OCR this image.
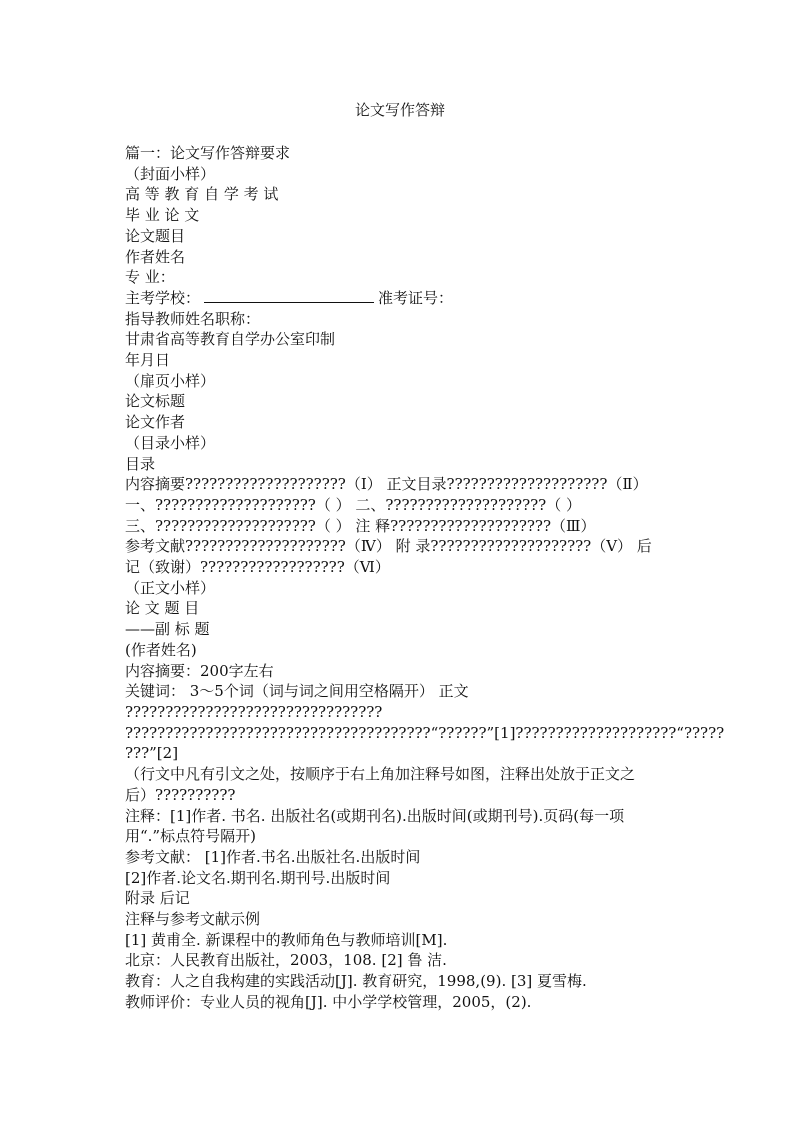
论文写作答辩
篇一：论文写作答辩要求
（封面小样）
高 等 教 育 自 学 考 试
毕 业 论 文
论文题目
作者姓名
专 业：
主考学校：	准考证号：
指导教师姓名职称：
甘肃省高等教育自学办公室印制
年月日
（扉页小样）
论文标题
论文作者
（目录小样）
目录
内容摘要????????????????????（Ⅰ） 正文目录????????????????????（Ⅱ）
一、????????????????????（ ） 二、????????????????????（ ）
三、????????????????????（ ） 注 释????????????????????（Ⅲ）
参考文献????????????????????（Ⅳ） 附 录????????????????????（Ⅴ） 后
记（致谢）??????????????????（Ⅵ）
（正文小样）
论 文 题 目
——副 标 题
(作者姓名)
内容摘要：200字左右
关键词： 3～5个词（词与词之间用空格隔开） 正文
????????????????????????????????
??????????????????????????????????????“??????”[1]????????????????????“?????
???”[2]
（行文中凡有引文之处，按顺序于右上角加注释号如图，注释出处放于正文之后）??????????
注释：[1]作者. 书名. 出版社名(或期刊名).出版时间(或期刊号).页码(每一项用“.”标点符号隔开)
参考文献： [1]作者.书名.出版社名.出版时间
[2]作者.论文名.期刊名.期刊号.出版时间
附录 后记
注释与参考文献示例
[1] 黄甫全. 新课程中的教师角色与教师培训[M].
北京：人民教育出版社，2003，108. [2] 鲁 洁.
教育：人之自我构建的实践活动[J]. 教育研究，1998,(9). [3] 夏雪梅.
教师评价：专业人员的视角[J]. 中小学学校管理，2005，(2).
